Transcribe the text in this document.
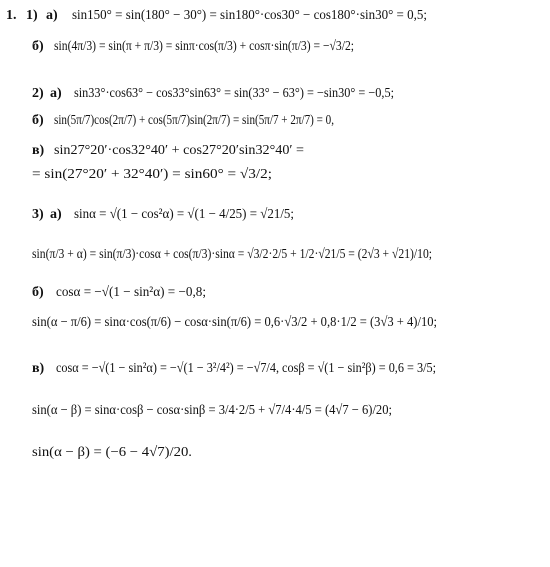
1. 1) а) sin150° = sin(180° − 30°) = sin180°·cos30° − cos180°·sin30° = 0,5;
б) sin(4π/3) = sin(π + π/3) = sinπ·cos(π/3) + cosπ·sin(π/3) = −√3/2;
2) а) sin33°·cos63° − cos33°sin63° = sin(33° − 63°) = −sin30° = −0,5;
б) sin(5π/7)cos(2π/7) + cos(5π/7)sin(2π/7) = sin(5π/7 + 2π/7) = 0,
в) sin27°20′·cos32°40′ + cos27°20′sin32°40′ =
= sin(27°20′ + 32°40′) = sin60° = √3/2;
3) а) sinα = √(1 − cos²α) = √(1 − 4/25) = √21/5;
sin(π/3 + α) = sin(π/3)·cosα + cos(π/3)·sinα = √3/2·2/5 + 1/2·√21/5 = (2√3 + √21)/10;
б) cosα = −√(1 − sin²α) = −0,8;
sin(α − π/6) = sinα·cos(π/6) − cosα·sin(π/6) = 0,6·√3/2 + 0,8·1/2 = (3√3 + 4)/10;
в) cosα = −√(1 − sin²α) = −√(1 − 3²/4²) = −√7/4, cosβ = √(1 − sin²β) = 0,6 = 3/5;
sin(α − β) = sinα·cosβ − cosα·sinβ = 3/4·2/5 + √7/4·4/5 = (4√7 − 6)/20;
sin(α − β) = (−6 − 4√7)/20.
